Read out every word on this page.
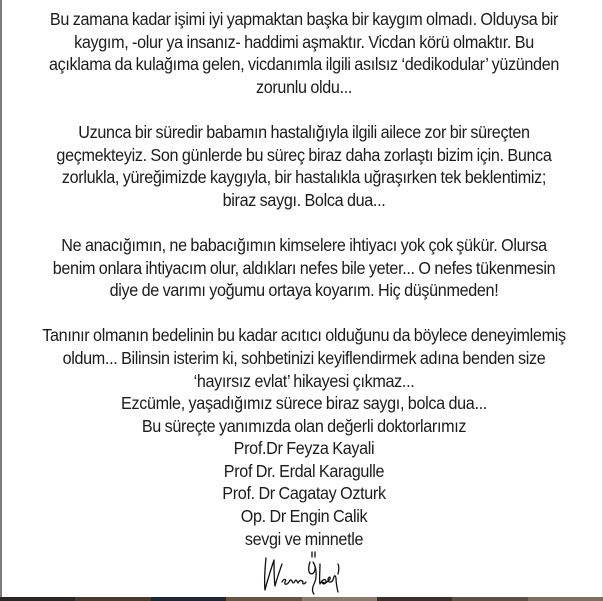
Bu zamana kadar işimi iyi yapmaktan başka bir kaygım olmadı. Olduysa bir
kaygım, -olur ya insanız- haddimi aşmaktır. Vicdan körü olmaktır. Bu
açıklama da kulağıma gelen, vicdanımla ilgili asılsız ‘dedikodular’ yüzünden
zorunlu oldu...

Uzunca bir süredir babamın hastalığıyla ilgili ailece zor bir süreçten
geçmekteyiz. Son günlerde bu süreç biraz daha zorlaştı bizim için. Bunca
zorlukla, yüreğimizde kaygıyla, bir hastalıkla uğraşırken tek beklentimiz;
biraz saygı. Bolca dua...

Ne anacığımın, ne babacığımın kimselere ihtiyacı yok çok şükür. Olursa
benim onlara ihtiyacım olur, aldıkları nefes bile yeter... O nefes tükenmesin
diye de varımı yoğumu ortaya koyarım. Hiç düşünmeden!

Tanınır olmanın bedelinin bu kadar acıtıcı olduğunu da böylece deneyimlemiş
oldum... Bilinsin isterim ki, sohbetinizi keyiflendirmek adına benden size
‘hayırsız evlat’ hikayesi çıkmaz...
Ezcümle, yaşadığımız sürece biraz saygı, bolca dua...
Bu süreçte yanımızda olan değerli doktorlarımız
Prof.Dr Feyza Kayali
Prof Dr. Erdal Karagulle
Prof. Dr Cagatay Ozturk
Op. Dr Engin Calik
sevgi ve minnetle
